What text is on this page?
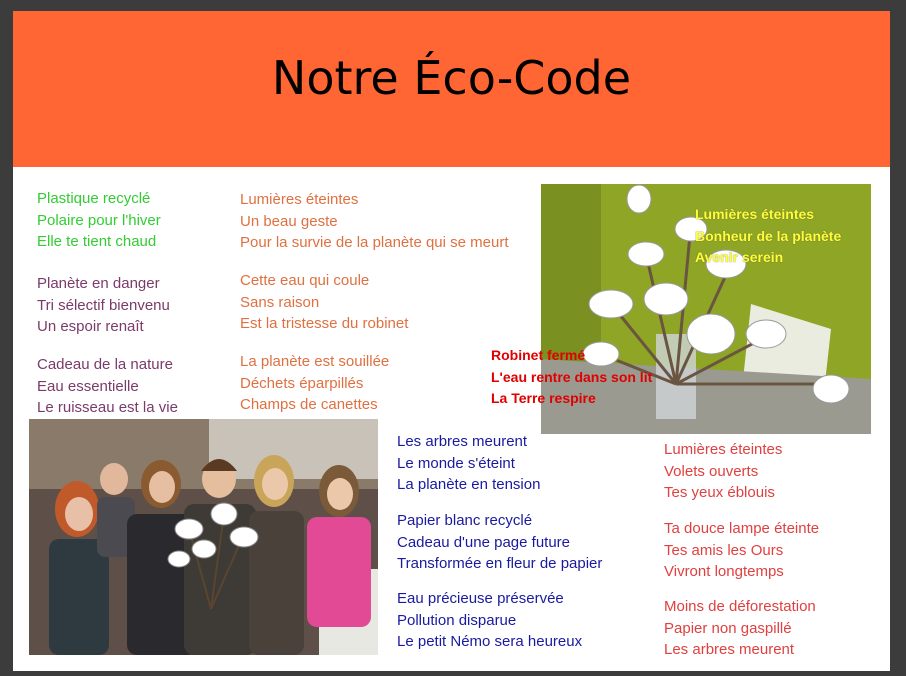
Notre Éco-Code
Plastique recyclé
Polaire pour l'hiver
Elle te tient chaud
Planète en danger
Tri sélectif bienvenu
Un espoir renaît
Cadeau de la nature
Eau essentielle
Le ruisseau est la vie
Lumières éteintes
Un beau geste
Pour la survie de la planète qui se meurt
Cette eau qui coule
Sans raison
Est la tristesse du robinet
La planète est souillée
Déchets éparpillés
Champs de canettes
Lumières éteintes
Bonheur de la planète
Avenir serein
Robinet fermé
L'eau rentre dans son lit
La Terre respire
Les arbres meurent
Le monde s'éteint
La planète en tension
Papier blanc recyclé
Cadeau d'une page future
Transformée en fleur de papier
Eau précieuse préservée
Pollution disparue
Le petit Némo sera heureux
Lumières éteintes
Volets ouverts
Tes yeux éblouis
Ta douce lampe éteinte
Tes amis les Ours
Vivront longtemps
Moins de déforestation
Papier non gaspillé
Les arbres meurent
